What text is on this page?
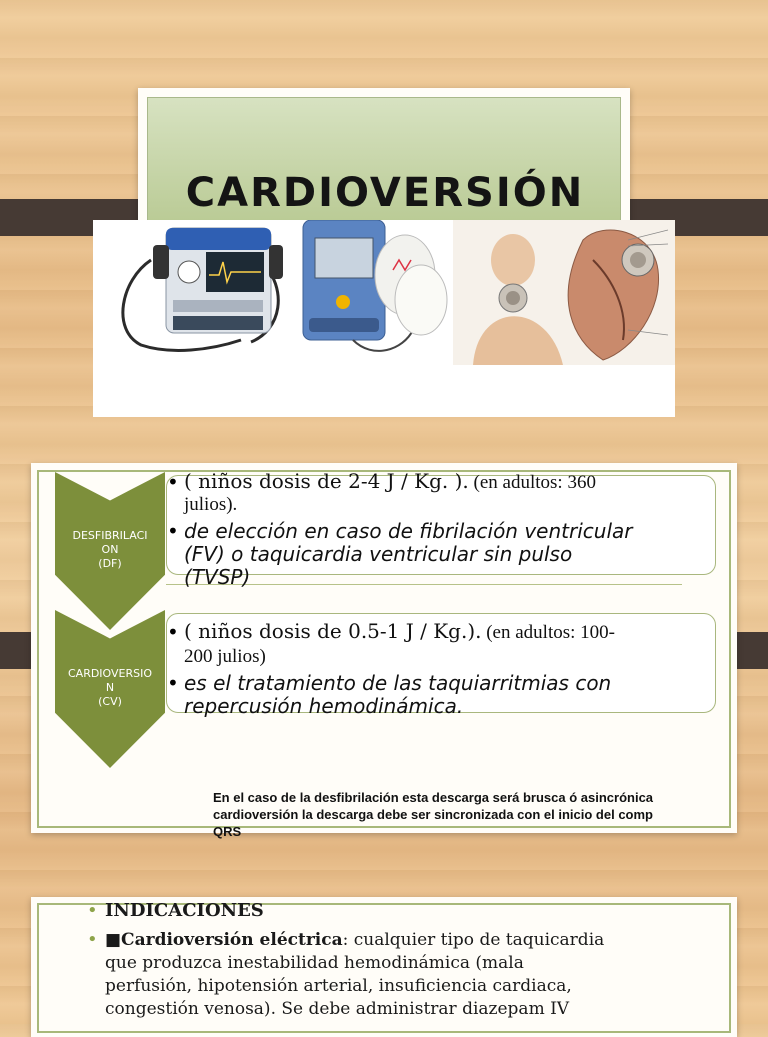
CARDIOVERSIÓN
DESFIBRILACI
ON
(DF)
• ( niños dosis de 2-4 J / Kg. ). (en adultos: 360
julios).
• de elección en caso de fibrilación ventricular
(FV) o taquicardia ventricular sin pulso
(TVSP)
CARDIOVERSIO
N
(CV)
• ( niños dosis de 0.5-1 J / Kg.). (en adultos: 100-
200 julios)
• es el tratamiento de las taquiarritmias con
repercusión hemodinámica.
En el caso de la desfibrilación esta descarga será brusca ó asincrónica
cardioversión la descarga debe ser sincronizada con el inicio del comp
QRS
• INDICACIONES
• ■Cardioversión eléctrica: cualquier tipo de taquicardia
que produzca inestabilidad hemodinámica (mala
perfusión, hipotensión arterial, insuficiencia cardiaca,
congestión venosa). Se debe administrar diazepam IV
